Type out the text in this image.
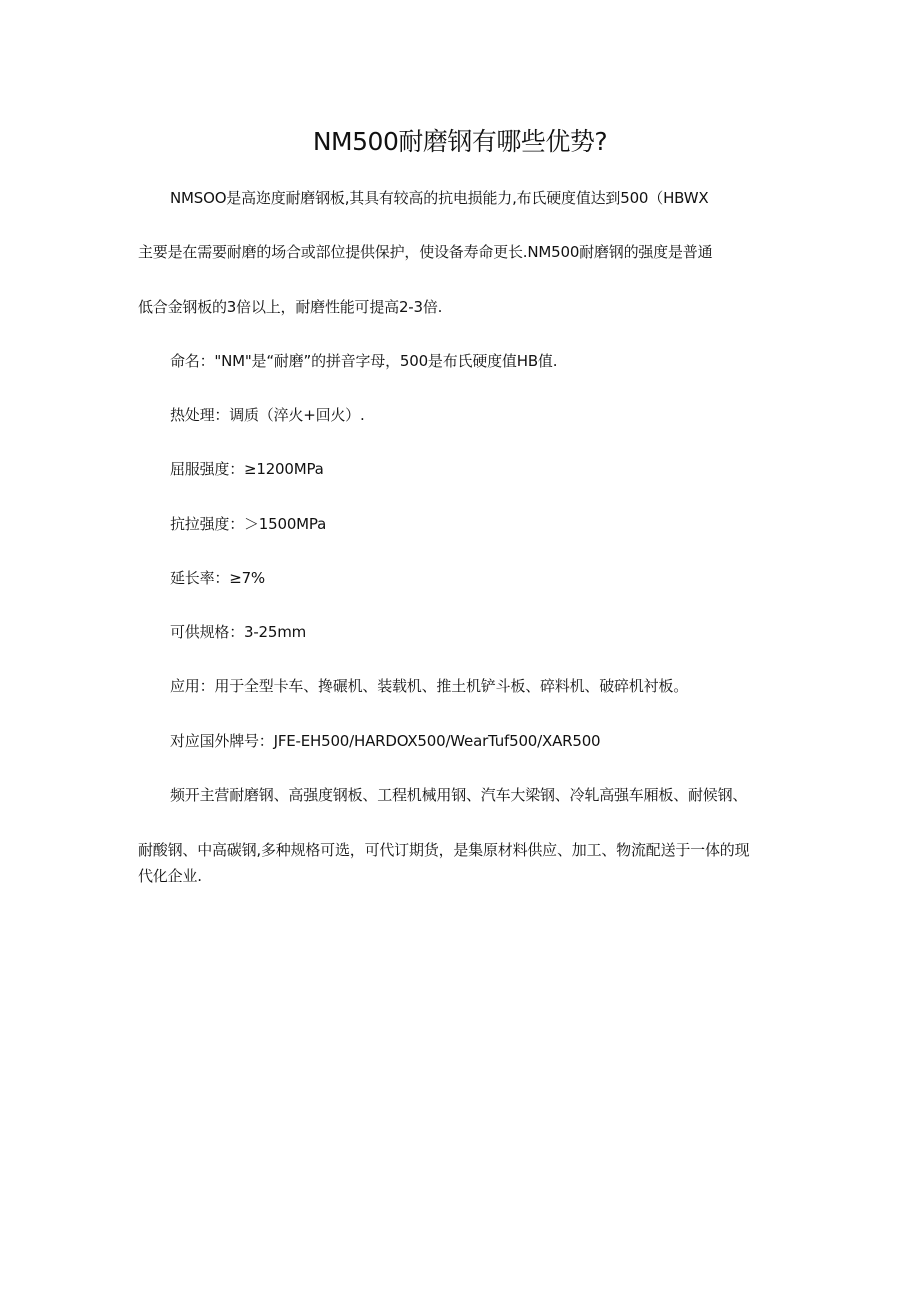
NM500耐磨钢有哪些优势?
NMSOO是高迩度耐磨钢板,其具有较高的抗电损能力,布氏硬度值达到500（HBWX
主要是在需要耐磨的场合或部位提供保护，使设备寿命更长.NM500耐磨钢的强度是普通
低合金钢板的3倍以上，耐磨性能可提高2-3倍.
命名："NM"是“耐磨”的拼音字母，500是布氏硬度值HB值.
热处理：调质（淬火+回火）.
屈服强度：≥1200MPa
抗拉强度：＞1500MPa
延长率：≥7%
可供规格：3-25mm
应用：用于全型卡车、搀碾机、装载机、推土机铲斗板、碎料机、破碎机衬板。
对应国外牌号：JFE-EH500∕HARDOX500∕WearTuf500/XAR500
频开主营耐磨钢、高强度钢板、工程机械用钢、汽车大梁钢、冷轧高强车厢板、耐候钢、
耐酸钢、中高碳钢,多种规格可选，可代订期货，是集原材料供应、加工、物流配送于一体的现
代化企业.
